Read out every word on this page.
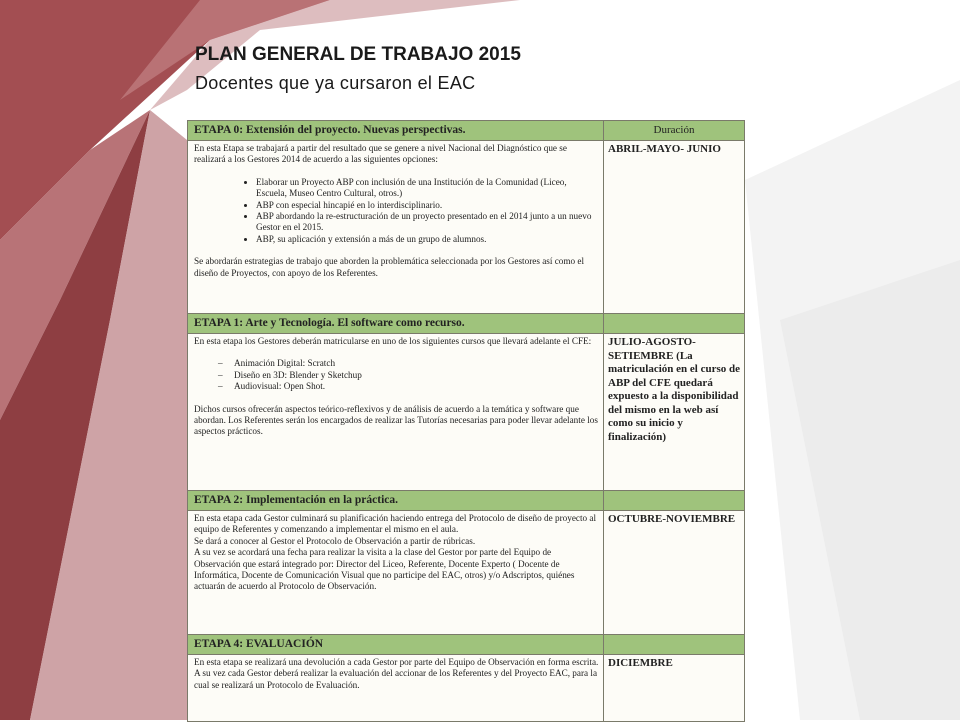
PLAN GENERAL DE TRABAJO 2015

Docentes que ya cursaron el EAC

ETAPA 0: Extensión del proyecto. Nuevas perspectivas.	Duración

En esta Etapa se trabajará a partir del resultado que se genere a nivel Nacional del Diagnóstico que se realizará a los Gestores 2014 de acuerdo a las siguientes opciones:

• Elaborar un Proyecto ABP con inclusión de una Institución de la Comunidad (Liceo, Escuela, Museo Centro Cultural, otros.)
• ABP con especial hincapié en lo interdisciplinario.
• ABP abordando la re-estructuración de un proyecto presentado en el 2014 junto a un nuevo Gestor en el 2015.
• ABP, su aplicación y extensión a más de un grupo de alumnos.

Se abordarán estrategias de trabajo que aborden la problemática seleccionada por los Gestores así como el diseño de Proyectos, con apoyo de los Referentes.

ABRIL-MAYO- JUNIO

ETAPA 1: Arte y Tecnología. El software como recurso.

En esta etapa los Gestores deberán matricularse en uno de los siguientes cursos que llevará adelante el CFE:

– Animación Digital: Scratch
– Diseño en 3D: Blender y Sketchup
– Audiovisual: Open Shot.

Dichos cursos ofrecerán aspectos teórico-reflexivos y de análisis de acuerdo a la temática y software que abordan. Los Referentes serán los encargados de realizar las Tutorías necesarias para poder llevar adelante los aspectos prácticos.

JULIO-AGOSTO-SETIEMBRE (La matriculación en el curso de ABP del CFE quedará expuesto a la disponibilidad del mismo en la web así como su inicio y finalización)

ETAPA 2: Implementación en la práctica.

En esta etapa cada Gestor culminará su planificación haciendo entrega del Protocolo de diseño de proyecto al equipo de Referentes y comenzando a implementar el mismo en el aula.

Se dará a conocer al Gestor el Protocolo de Observación a partir de rúbricas.

A su vez se acordará una fecha para realizar la visita a la clase del Gestor por parte del Equipo de Observación que estará integrado por: Director del Liceo, Referente, Docente Experto ( Docente de Informática, Docente de Comunicación Visual que no participe del EAC, otros) y/o Adscriptos, quiénes actuarán de acuerdo al Protocolo de Observación.

OCTUBRE-NOVIEMBRE

ETAPA 4: EVALUACIÓN

En esta etapa se realizará una devolución a cada Gestor por parte del Equipo de Observación en forma escrita.

A su vez cada Gestor deberá realizar la evaluación del accionar de los Referentes y del Proyecto EAC, para la cual se realizará un Protocolo de Evaluación.

DICIEMBRE
